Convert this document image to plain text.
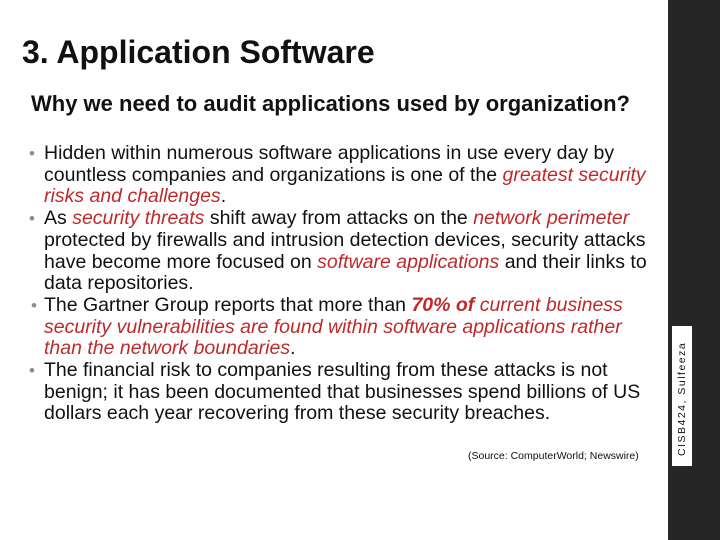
3. Application Software
Why we need to audit applications used by organization?
• Hidden within numerous software applications in use every day by countless companies and organizations is one of the greatest security risks and challenges.
• As security threats shift away from attacks on the network perimeter protected by firewalls and intrusion detection devices, security attacks have become more focused on software applications and their links to data repositories.
• The Gartner Group reports that more than 70% of current business security vulnerabilities are found within software applications rather than the network boundaries.
• The financial risk to companies resulting from these attacks is not benign; it has been documented that businesses spend billions of US dollars each year recovering from these security breaches.
(Source: ComputerWorld; Newswire)	CISB424, Sulfeeza
